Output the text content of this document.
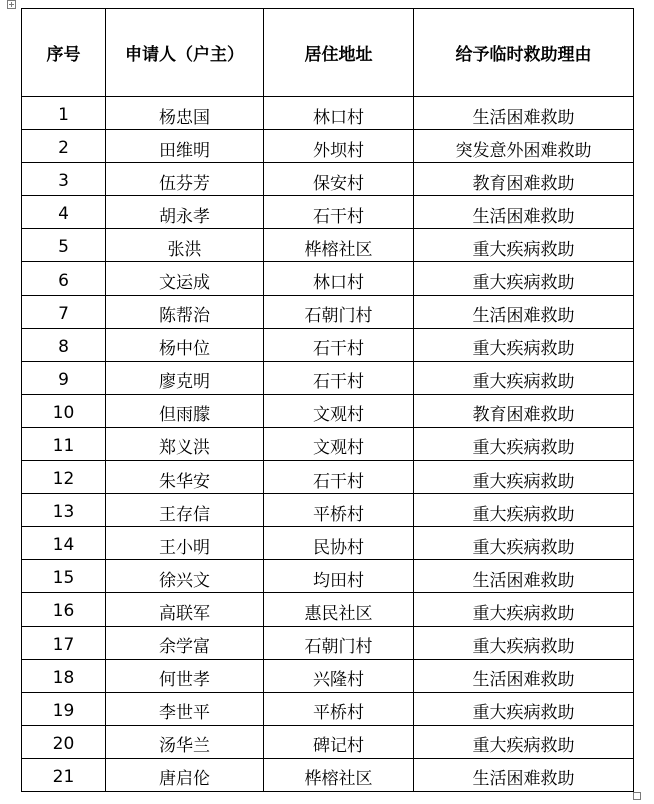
序号	申请人（户主）	居住地址	给予临时救助理由
1	杨忠国	林口村	生活困难救助
2	田维明	外坝村	突发意外困难救助
3	伍芬芳	保安村	教育困难救助
4	胡永孝	石干村	生活困难救助
5	张洪	桦榕社区	重大疾病救助
6	文运成	林口村	重大疾病救助
7	陈帮治	石朝门村	生活困难救助
8	杨中位	石干村	重大疾病救助
9	廖克明	石干村	重大疾病救助
10	但雨朦	文观村	教育困难救助
11	郑义洪	文观村	重大疾病救助
12	朱华安	石干村	重大疾病救助
13	王存信	平桥村	重大疾病救助
14	王小明	民协村	重大疾病救助
15	徐兴文	均田村	生活困难救助
16	高联军	惠民社区	重大疾病救助
17	余学富	石朝门村	重大疾病救助
18	何世孝	兴隆村	生活困难救助
19	李世平	平桥村	重大疾病救助
20	汤华兰	碑记村	重大疾病救助
21	唐启伦	桦榕社区	生活困难救助
